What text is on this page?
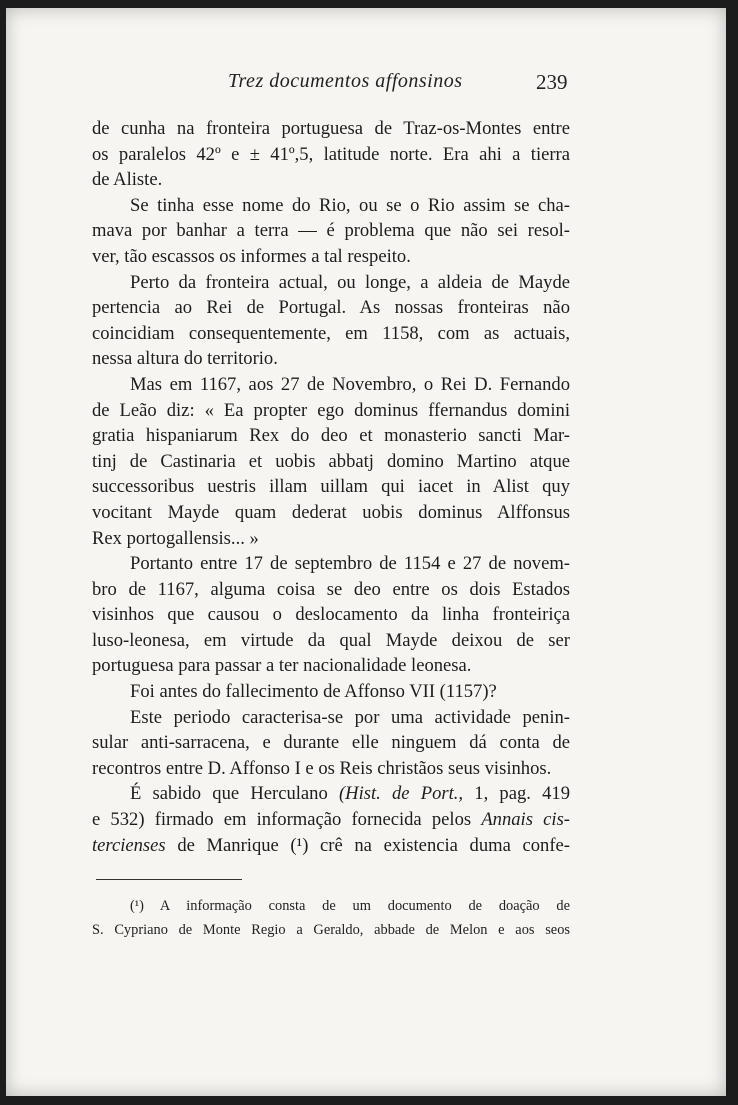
Trez documentos affonsinos	239

de cunha na fronteira portuguesa de Traz-os-Montes entre
os paralelos 42º e ± 41º,5, latitude norte. Era ahi a tierra
de Aliste.

Se tinha esse nome do Rio, ou se o Rio assim se cha-
mava por banhar a terra — é problema que não sei resol-
ver, tão escassos os informes a tal respeito.

Perto da fronteira actual, ou longe, a aldeia de Mayde
pertencia ao Rei de Portugal. As nossas fronteiras não
coincidiam consequentemente, em 1158, com as actuais,
nessa altura do territorio.

Mas em 1167, aos 27 de Novembro, o Rei D. Fernando
de Leão diz: « Ea propter ego dominus ffernandus domini
gratia hispaniarum Rex do deo et monasterio sancti Mar-
tinj de Castinaria et uobis abbatj domino Martino atque
successoribus uestris illam uillam qui iacet in Alist quy
vocitant Mayde quam dederat uobis dominus Alffonsus
Rex portogallensis... »

Portanto entre 17 de septembro de 1154 e 27 de novem-
bro de 1167, alguma coisa se deo entre os dois Estados
visinhos que causou o deslocamento da linha fronteiriça
luso-leonesa, em virtude da qual Mayde deixou de ser
portuguesa para passar a ter nacionalidade leonesa.

Foi antes do fallecimento de Affonso VII (1157)?

Este periodo caracterisa-se por uma actividade penin-
sular anti-sarracena, e durante elle ninguem dá conta de
recontros entre D. Affonso I e os Reis christãos seus visinhos.

É sabido que Herculano (Hist. de Port., 1, pag. 419
e 532) firmado em informação fornecida pelos Annais cis-
tercienses de Manrique (¹) crê na existencia duma confe-

(¹) A informação consta de um documento de doação de
S. Cypriano de Monte Regio a Geraldo, abbade de Melon e aos seos
